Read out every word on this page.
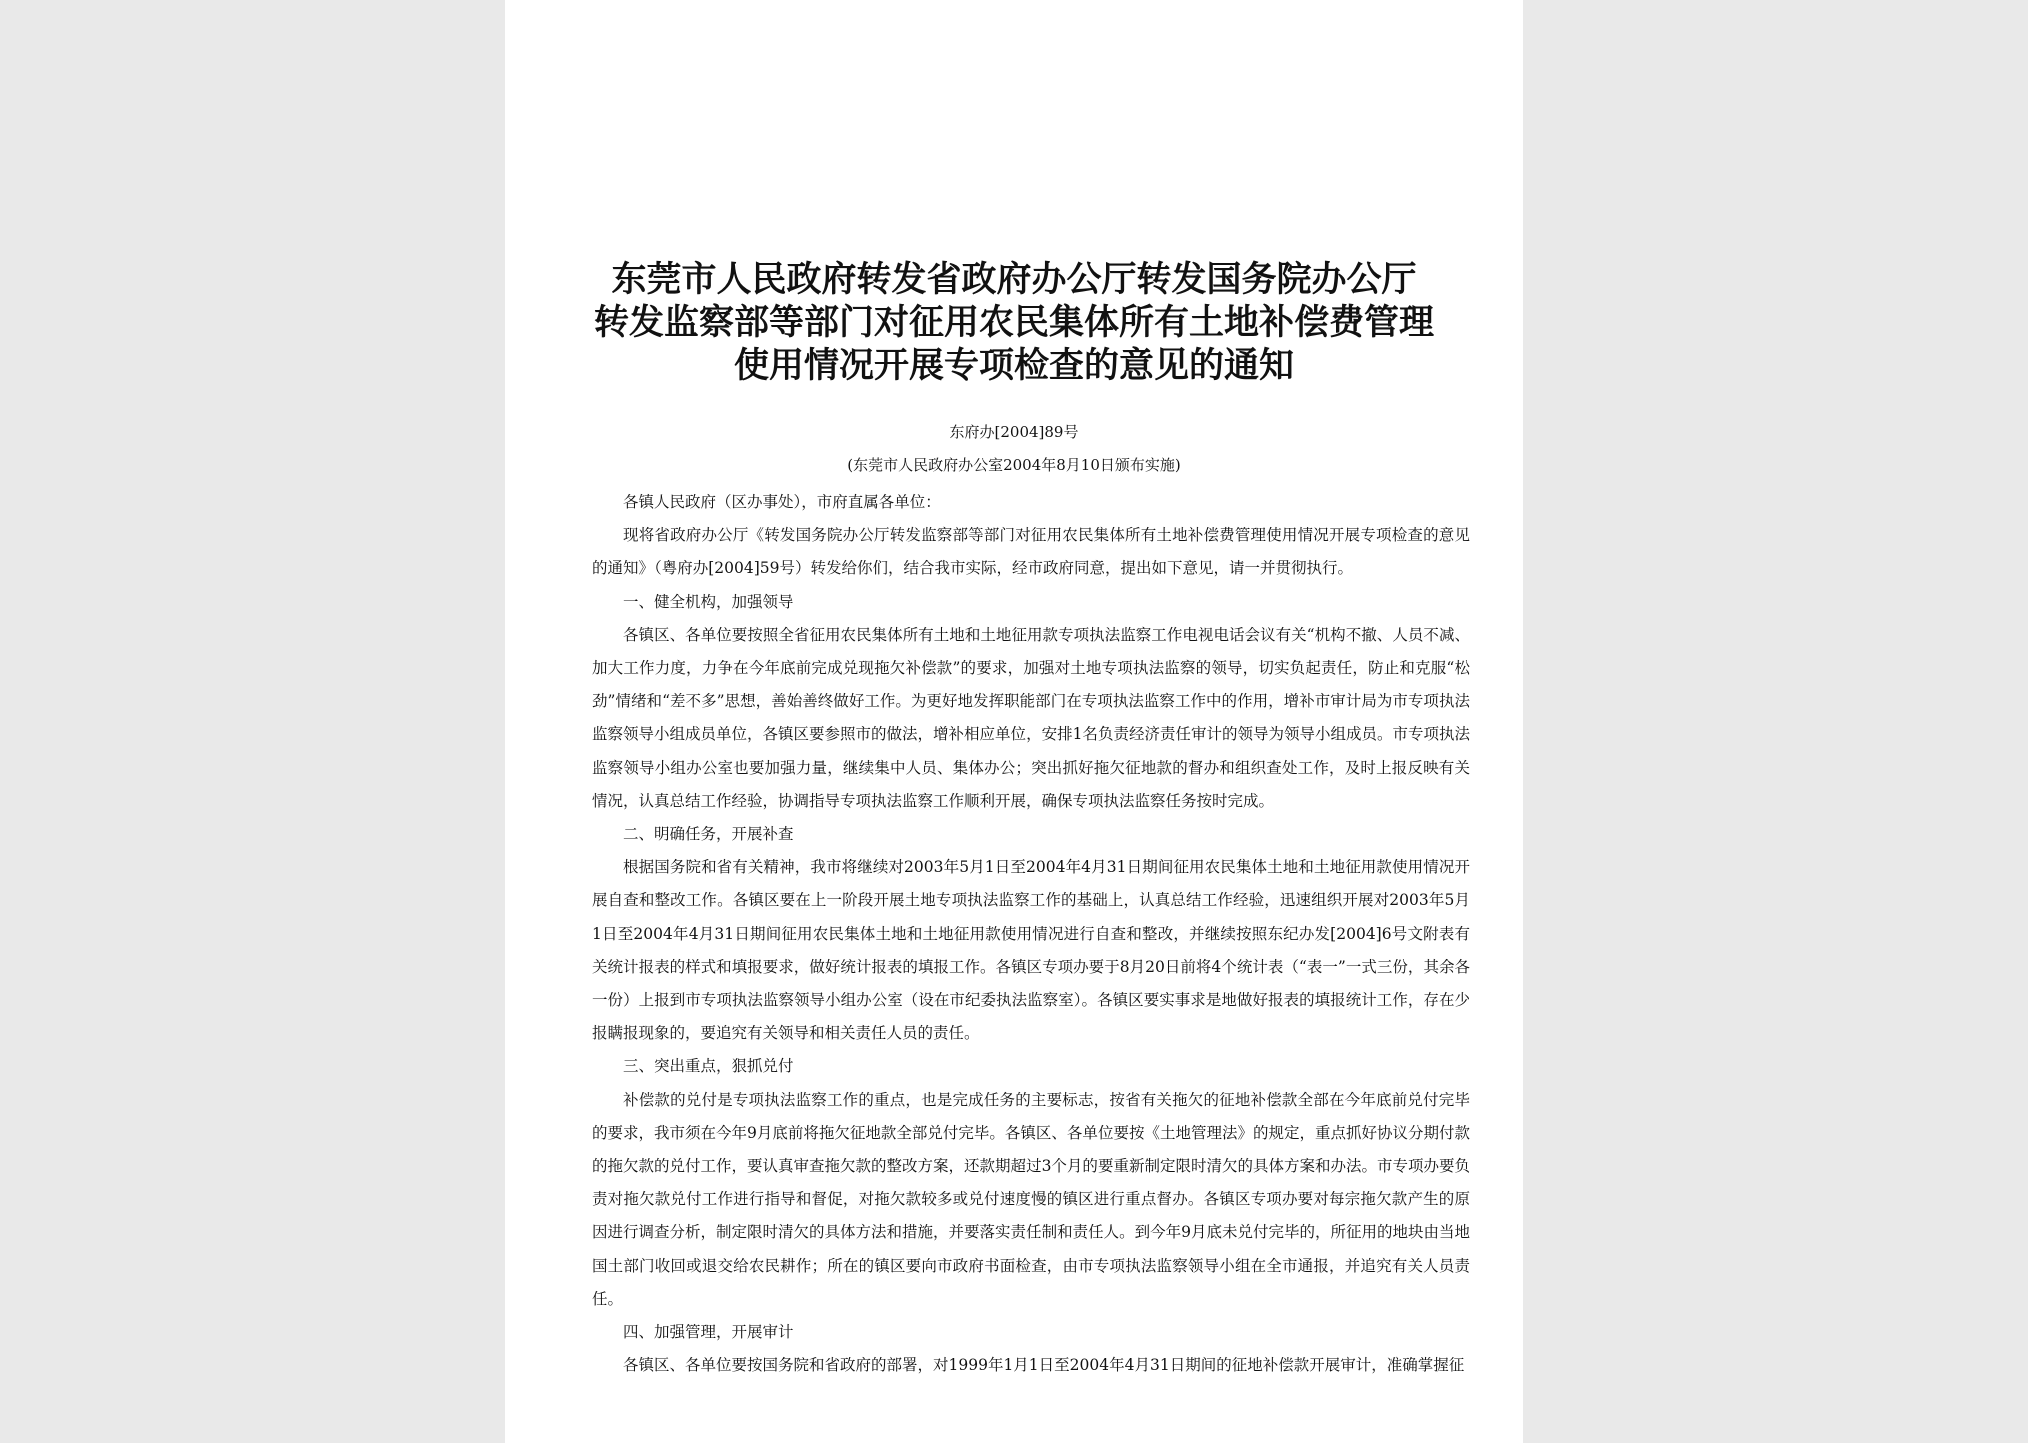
东莞市人民政府转发省政府办公厅转发国务院办公厅
转发监察部等部门对征用农民集体所有土地补偿费管理
使用情况开展专项检查的意见的通知

东府办[2004]89号

(东莞市人民政府办公室2004年8月10日颁布实施)

各镇人民政府（区办事处），市府直属各单位：

现将省政府办公厅《转发国务院办公厅转发监察部等部门对征用农民集体所有土地补偿费管理使用情况开展专项检查的意见的通知》（粤府办[2004]59号）转发给你们，结合我市实际，经市政府同意，提出如下意见，请一并贯彻执行。

一、健全机构，加强领导

各镇区、各单位要按照全省征用农民集体所有土地和土地征用款专项执法监察工作电视电话会议有关“机构不撤、人员不减、加大工作力度，力争在今年底前完成兑现拖欠补偿款”的要求，加强对土地专项执法监察的领导，切实负起责任，防止和克服“松劲”情绪和“差不多”思想，善始善终做好工作。为更好地发挥职能部门在专项执法监察工作中的作用，增补市审计局为市专项执法监察领导小组成员单位，各镇区要参照市的做法，增补相应单位，安排1名负责经济责任审计的领导为领导小组成员。市专项执法监察领导小组办公室也要加强力量，继续集中人员、集体办公；突出抓好拖欠征地款的督办和组织查处工作，及时上报反映有关情况，认真总结工作经验，协调指导专项执法监察工作顺利开展，确保专项执法监察任务按时完成。

二、明确任务，开展补查

根据国务院和省有关精神，我市将继续对2003年5月1日至2004年4月31日期间征用农民集体土地和土地征用款使用情况开展自查和整改工作。各镇区要在上一阶段开展土地专项执法监察工作的基础上，认真总结工作经验，迅速组织开展对2003年5月1日至2004年4月31日期间征用农民集体土地和土地征用款使用情况进行自查和整改，并继续按照东纪办发[2004]6号文附表有关统计报表的样式和填报要求，做好统计报表的填报工作。各镇区专项办要于8月20日前将4个统计表（“表一”一式三份，其余各一份）上报到市专项执法监察领导小组办公室（设在市纪委执法监察室）。各镇区要实事求是地做好报表的填报统计工作，存在少报瞒报现象的，要追究有关领导和相关责任人员的责任。

三、突出重点，狠抓兑付

补偿款的兑付是专项执法监察工作的重点，也是完成任务的主要标志，按省有关拖欠的征地补偿款全部在今年底前兑付完毕的要求，我市须在今年9月底前将拖欠征地款全部兑付完毕。各镇区、各单位要按《土地管理法》的规定，重点抓好协议分期付款的拖欠款的兑付工作，要认真审查拖欠款的整改方案，还款期超过3个月的要重新制定限时清欠的具体方案和办法。市专项办要负责对拖欠款兑付工作进行指导和督促，对拖欠款较多或兑付速度慢的镇区进行重点督办。各镇区专项办要对每宗拖欠款产生的原因进行调查分析，制定限时清欠的具体方法和措施，并要落实责任制和责任人。到今年9月底未兑付完毕的，所征用的地块由当地国土部门收回或退交给农民耕作；所在的镇区要向市政府书面检查，由市专项执法监察领导小组在全市通报，并追究有关人员责任。

四、加强管理，开展审计

各镇区、各单位要按国务院和省政府的部署，对1999年1月1日至2004年4月31日期间的征地补偿款开展审计，准确掌握征
